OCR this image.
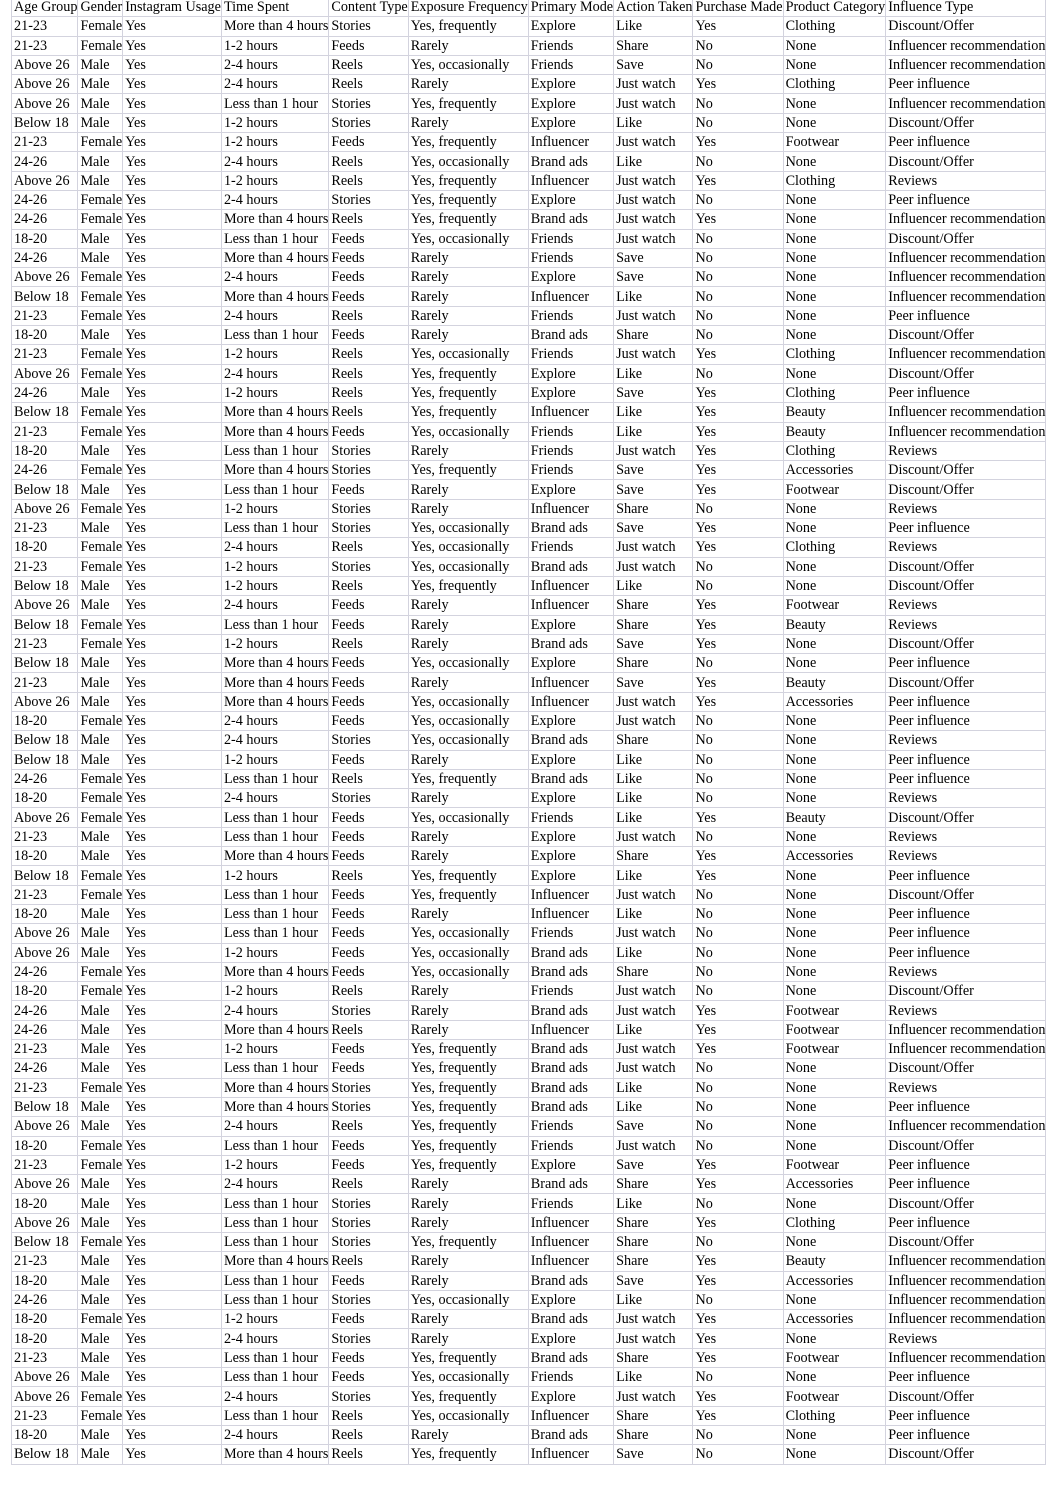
Age Group	Gender	Instagram Usage	Time Spent	Content Type	Exposure Frequency	Primary Mode	Action Taken	Purchase Made	Product Category	Influence Type
21-23	Female	Yes	More than 4 hours	Stories	Yes, frequently	Explore	Like	Yes	Clothing	Discount/Offer
21-23	Female	Yes	1-2 hours	Feeds	Rarely	Friends	Share	No	None	Influencer recommendation
Above 26	Male	Yes	2-4 hours	Reels	Yes, occasionally	Friends	Save	No	None	Influencer recommendation
Above 26	Male	Yes	2-4 hours	Reels	Rarely	Explore	Just watch	Yes	Clothing	Peer influence
Above 26	Male	Yes	Less than 1 hour	Stories	Yes, frequently	Explore	Just watch	No	None	Influencer recommendation
Below 18	Male	Yes	1-2 hours	Stories	Rarely	Explore	Like	No	None	Discount/Offer
21-23	Female	Yes	1-2 hours	Feeds	Yes, frequently	Influencer	Just watch	Yes	Footwear	Peer influence
24-26	Male	Yes	2-4 hours	Reels	Yes, occasionally	Brand ads	Like	No	None	Discount/Offer
Above 26	Male	Yes	1-2 hours	Reels	Yes, frequently	Influencer	Just watch	Yes	Clothing	Reviews
24-26	Female	Yes	2-4 hours	Stories	Yes, frequently	Explore	Just watch	No	None	Peer influence
24-26	Female	Yes	More than 4 hours	Reels	Yes, frequently	Brand ads	Just watch	Yes	None	Influencer recommendation
18-20	Male	Yes	Less than 1 hour	Feeds	Yes, occasionally	Friends	Just watch	No	None	Discount/Offer
24-26	Male	Yes	More than 4 hours	Feeds	Rarely	Friends	Save	No	None	Influencer recommendation
Above 26	Female	Yes	2-4 hours	Feeds	Rarely	Explore	Save	No	None	Influencer recommendation
Below 18	Female	Yes	More than 4 hours	Feeds	Rarely	Influencer	Like	No	None	Influencer recommendation
21-23	Female	Yes	2-4 hours	Reels	Rarely	Friends	Just watch	No	None	Peer influence
18-20	Male	Yes	Less than 1 hour	Feeds	Rarely	Brand ads	Share	No	None	Discount/Offer
21-23	Female	Yes	1-2 hours	Reels	Yes, occasionally	Friends	Just watch	Yes	Clothing	Influencer recommendation
Above 26	Female	Yes	2-4 hours	Reels	Yes, frequently	Explore	Like	No	None	Discount/Offer
24-26	Male	Yes	1-2 hours	Reels	Yes, frequently	Explore	Save	Yes	Clothing	Peer influence
Below 18	Female	Yes	More than 4 hours	Reels	Yes, frequently	Influencer	Like	Yes	Beauty	Influencer recommendation
21-23	Female	Yes	More than 4 hours	Feeds	Yes, occasionally	Friends	Like	Yes	Beauty	Influencer recommendation
18-20	Male	Yes	Less than 1 hour	Stories	Rarely	Friends	Just watch	Yes	Clothing	Reviews
24-26	Female	Yes	More than 4 hours	Stories	Yes, frequently	Friends	Save	Yes	Accessories	Discount/Offer
Below 18	Male	Yes	Less than 1 hour	Feeds	Rarely	Explore	Save	Yes	Footwear	Discount/Offer
Above 26	Female	Yes	1-2 hours	Stories	Rarely	Influencer	Share	No	None	Reviews
21-23	Male	Yes	Less than 1 hour	Stories	Yes, occasionally	Brand ads	Save	Yes	None	Peer influence
18-20	Female	Yes	2-4 hours	Reels	Yes, occasionally	Friends	Just watch	Yes	Clothing	Reviews
21-23	Female	Yes	1-2 hours	Stories	Yes, occasionally	Brand ads	Just watch	No	None	Discount/Offer
Below 18	Male	Yes	1-2 hours	Reels	Yes, frequently	Influencer	Like	No	None	Discount/Offer
Above 26	Male	Yes	2-4 hours	Feeds	Rarely	Influencer	Share	Yes	Footwear	Reviews
Below 18	Female	Yes	Less than 1 hour	Feeds	Rarely	Explore	Share	Yes	Beauty	Reviews
21-23	Female	Yes	1-2 hours	Reels	Rarely	Brand ads	Save	Yes	None	Discount/Offer
Below 18	Male	Yes	More than 4 hours	Feeds	Yes, occasionally	Explore	Share	No	None	Peer influence
21-23	Male	Yes	More than 4 hours	Feeds	Rarely	Influencer	Save	Yes	Beauty	Discount/Offer
Above 26	Male	Yes	More than 4 hours	Feeds	Yes, occasionally	Influencer	Just watch	Yes	Accessories	Peer influence
18-20	Female	Yes	2-4 hours	Feeds	Yes, occasionally	Explore	Just watch	No	None	Peer influence
Below 18	Male	Yes	2-4 hours	Stories	Yes, occasionally	Brand ads	Share	No	None	Reviews
Below 18	Male	Yes	1-2 hours	Feeds	Rarely	Explore	Like	No	None	Peer influence
24-26	Female	Yes	Less than 1 hour	Reels	Yes, frequently	Brand ads	Like	No	None	Peer influence
18-20	Female	Yes	2-4 hours	Stories	Rarely	Explore	Like	No	None	Reviews
Above 26	Female	Yes	Less than 1 hour	Feeds	Yes, occasionally	Friends	Like	Yes	Beauty	Discount/Offer
21-23	Male	Yes	Less than 1 hour	Feeds	Rarely	Explore	Just watch	No	None	Reviews
18-20	Male	Yes	More than 4 hours	Feeds	Rarely	Explore	Share	Yes	Accessories	Reviews
Below 18	Female	Yes	1-2 hours	Reels	Yes, frequently	Explore	Like	Yes	None	Peer influence
21-23	Female	Yes	Less than 1 hour	Feeds	Yes, frequently	Influencer	Just watch	No	None	Discount/Offer
18-20	Male	Yes	Less than 1 hour	Feeds	Rarely	Influencer	Like	No	None	Peer influence
Above 26	Male	Yes	Less than 1 hour	Feeds	Yes, occasionally	Friends	Just watch	No	None	Peer influence
Above 26	Male	Yes	1-2 hours	Feeds	Yes, occasionally	Brand ads	Like	No	None	Peer influence
24-26	Female	Yes	More than 4 hours	Feeds	Yes, occasionally	Brand ads	Share	No	None	Reviews
18-20	Female	Yes	1-2 hours	Reels	Rarely	Friends	Just watch	No	None	Discount/Offer
24-26	Male	Yes	2-4 hours	Stories	Rarely	Brand ads	Just watch	Yes	Footwear	Reviews
24-26	Male	Yes	More than 4 hours	Reels	Rarely	Influencer	Like	Yes	Footwear	Influencer recommendation
21-23	Male	Yes	1-2 hours	Feeds	Yes, frequently	Brand ads	Just watch	Yes	Footwear	Influencer recommendation
24-26	Male	Yes	Less than 1 hour	Feeds	Yes, frequently	Brand ads	Just watch	No	None	Discount/Offer
21-23	Female	Yes	More than 4 hours	Stories	Yes, frequently	Brand ads	Like	No	None	Reviews
Below 18	Male	Yes	More than 4 hours	Stories	Yes, frequently	Brand ads	Like	No	None	Peer influence
Above 26	Male	Yes	2-4 hours	Reels	Yes, frequently	Friends	Save	No	None	Influencer recommendation
18-20	Female	Yes	Less than 1 hour	Feeds	Yes, frequently	Friends	Just watch	No	None	Discount/Offer
21-23	Female	Yes	1-2 hours	Feeds	Yes, frequently	Explore	Save	Yes	Footwear	Peer influence
Above 26	Male	Yes	2-4 hours	Reels	Rarely	Brand ads	Share	Yes	Accessories	Peer influence
18-20	Male	Yes	Less than 1 hour	Stories	Rarely	Friends	Like	No	None	Discount/Offer
Above 26	Male	Yes	Less than 1 hour	Stories	Rarely	Influencer	Share	Yes	Clothing	Peer influence
Below 18	Female	Yes	Less than 1 hour	Stories	Yes, frequently	Influencer	Share	No	None	Discount/Offer
21-23	Male	Yes	More than 4 hours	Reels	Rarely	Influencer	Share	Yes	Beauty	Influencer recommendation
18-20	Male	Yes	Less than 1 hour	Feeds	Rarely	Brand ads	Save	Yes	Accessories	Influencer recommendation
24-26	Male	Yes	Less than 1 hour	Stories	Yes, occasionally	Explore	Like	No	None	Influencer recommendation
18-20	Female	Yes	1-2 hours	Feeds	Rarely	Brand ads	Just watch	Yes	Accessories	Influencer recommendation
18-20	Male	Yes	2-4 hours	Stories	Rarely	Explore	Just watch	Yes	None	Reviews
21-23	Male	Yes	Less than 1 hour	Feeds	Yes, frequently	Brand ads	Share	Yes	Footwear	Influencer recommendation
Above 26	Male	Yes	Less than 1 hour	Feeds	Yes, occasionally	Friends	Like	No	None	Peer influence
Above 26	Female	Yes	2-4 hours	Stories	Yes, frequently	Explore	Just watch	Yes	Footwear	Discount/Offer
21-23	Female	Yes	Less than 1 hour	Reels	Yes, occasionally	Influencer	Share	Yes	Clothing	Peer influence
18-20	Male	Yes	2-4 hours	Reels	Rarely	Brand ads	Share	No	None	Peer influence
Below 18	Male	Yes	More than 4 hours	Reels	Yes, frequently	Influencer	Save	No	None	Discount/Offer
